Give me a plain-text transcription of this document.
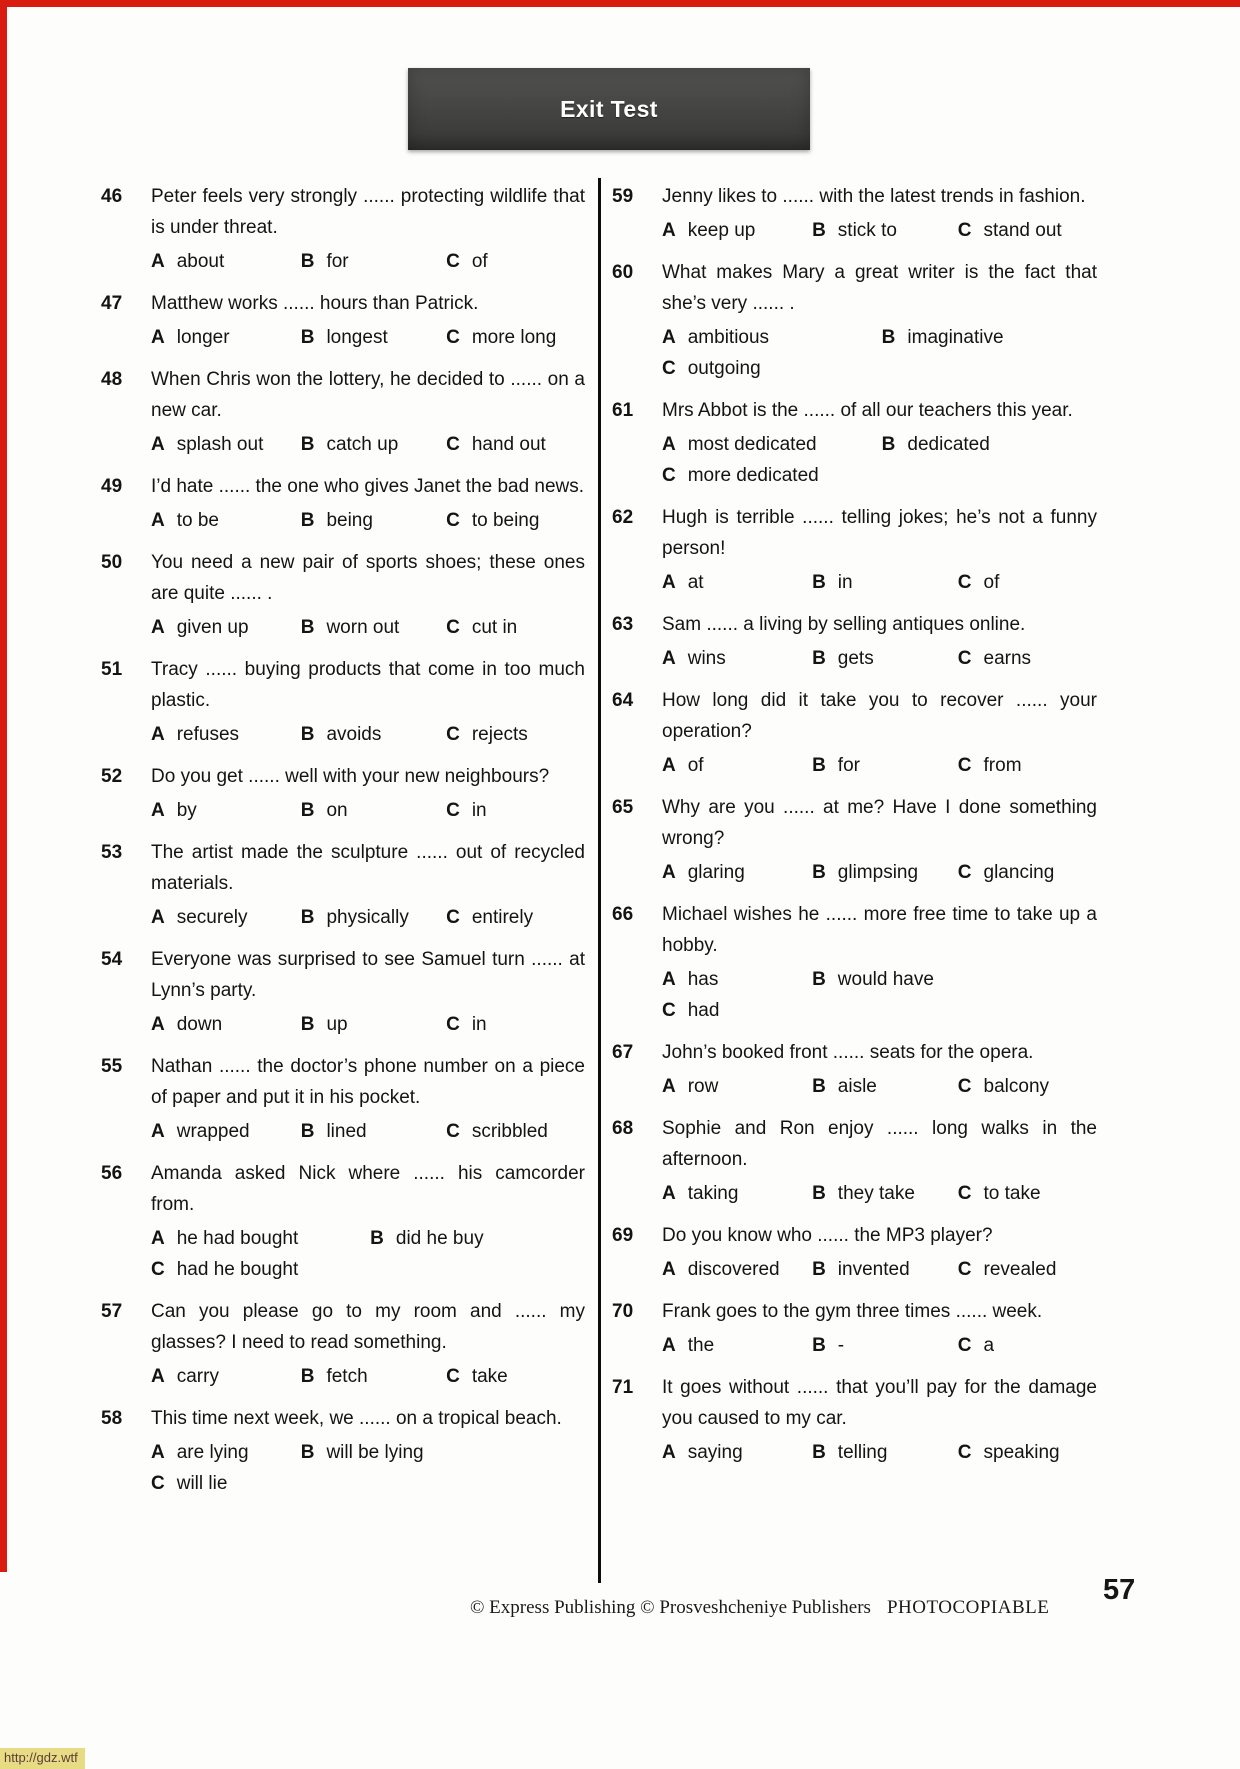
Exit Test
46	Peter feels very strongly ...... protecting wildlife that is under threat.
A about	B for	C of
47	Matthew works ...... hours than Patrick.
A longer	B longest	C more long
48	When Chris won the lottery, he decided to ...... on a new car.
A splash out	B catch up	C hand out
49	I’d hate ...... the one who gives Janet the bad news.
A to be	B being	C to being
50	You need a new pair of sports shoes; these ones are quite ...... .
A given up	B worn out	C cut in
51	Tracy ...... buying products that come in too much plastic.
A refuses	B avoids	C rejects
52	Do you get ...... well with your new neighbours?
A by	B on	C in
53	The artist made the sculpture ...... out of recycled materials.
A securely	B physically	C entirely
54	Everyone was surprised to see Samuel turn ...... at Lynn’s party.
A down	B up	C in
55	Nathan ...... the doctor’s phone number on a piece of paper and put it in his pocket.
A wrapped	B lined	C scribbled
56	Amanda asked Nick where ...... his camcorder from.
A he had bought	B did he buy
C had he bought
57	Can you please go to my room and ...... my glasses? I need to read something.
A carry	B fetch	C take
58	This time next week, we ...... on a tropical beach.
A are lying	B will be lying
C will lie
59	Jenny likes to ...... with the latest trends in fashion.
A keep up	B stick to	C stand out
60	What makes Mary a great writer is the fact that she’s very ...... .
A ambitious	B imaginative
C outgoing
61	Mrs Abbot is the ...... of all our teachers this year.
A most dedicated	B dedicated
C more dedicated
62	Hugh is terrible ...... telling jokes; he’s not a funny person!
A at	B in	C of
63	Sam ...... a living by selling antiques online.
A wins	B gets	C earns
64	How long did it take you to recover ...... your operation?
A of	B for	C from
65	Why are you ...... at me? Have I done something wrong?
A glaring	B glimpsing	C glancing
66	Michael wishes he ...... more free time to take up a hobby.
A has	B would have
C had
67	John’s booked front ...... seats for the opera.
A row	B aisle	C balcony
68	Sophie and Ron enjoy ...... long walks in the afternoon.
A taking	B they take	C to take
69	Do you know who ...... the MP3 player?
A discovered	B invented	C revealed
70	Frank goes to the gym three times ...... week.
A the	B -	C a
71	It goes without ...... that you’ll pay for the damage you caused to my car.
A saying	B telling	C speaking
© Express Publishing © Prosveshcheniye Publishers PHOTOCOPIABLE
57
http://gdz.wtf
